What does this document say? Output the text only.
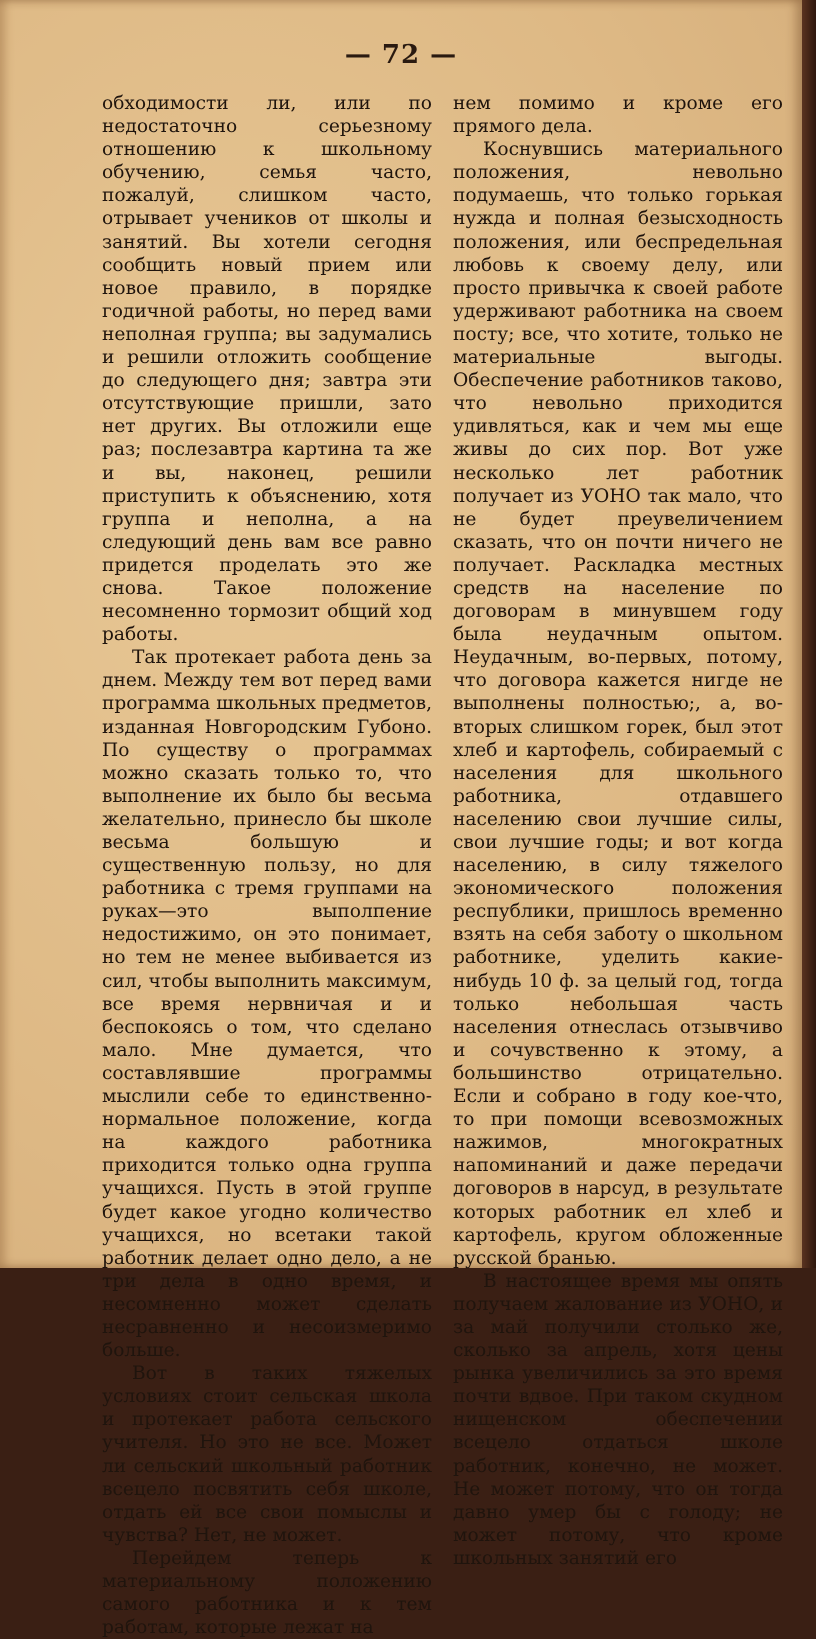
— 72 —

обходимости ли, или по недостаточно серьезному отношению к школьному обучению, семья часто, пожалуй, слишком часто, отрывает учеников от школы и занятий. Вы хотели сегодня сообщить новый прием или новое правило, в порядке годичной работы, но перед вами неполная группа; вы задумались и решили отложить сообщение до следующего дня; завтра эти отсутствующие пришли, зато нет других. Вы отложили еще раз; послезавтра картина та же и вы, наконец, решили приступить к объяснению, хотя группа и неполна, а на следующий день вам все равно придется проделать это же снова. Такое положение несомненно тормозит общий ход работы.

Так протекает работа день за днем. Между тем вот перед вами программа школьных предметов, изданная Новгородским Губоно. По существу о программах можно сказать только то, что выполнение их было бы весьма желательно, принесло бы школе весьма большую и существенную пользу, но для работника с тремя группами на руках—это выполпение недостижимо, он это понимает, но тем не менее выбивается из сил, чтобы выполнить максимум, все время нервничая и и беспокоясь о том, что сделано мало. Мне думается, что составлявшие программы мыслили себе то единственно-нормальное положение, когда на каждого работника приходится только одна группа учащихся. Пусть в этой группе будет какое угодно количество учащихся, но всетаки такой работник делает одно дело, а не три дела в одно время, и несомненно может сделать несравненно и несоизмеримо больше.

Вот в таких тяжелых условиях стоит сельская школа и протекает работа сельского учителя. Но это не все. Может ли сельский школьный работник всецело посвятить себя школе, отдать ей все свои помыслы и чувства? Нет, не может.

Перейдем теперь к материальному положению самого работника и к тем работам, которые лежат на

нем помимо и кроме его прямого дела.

Коснувшись материального положения, невольно подумаешь, что только горькая нужда и полная безысходность положения, или беспредельная любовь к своему делу, или просто привычка к своей работе удерживают работника на своем посту; все, что хотите, только не материальные выгоды. Обеспечение работников таково, что невольно приходится удивляться, как и чем мы еще живы до сих пор. Вот уже несколько лет работник получает из УОНО так мало, что не будет преувеличением сказать, что он почти ничего не получает. Раскладка местных средств на население по договорам в минувшем году была неудачным опытом. Неудачным, во-первых, потому, что договора кажется нигде не выполнены полностью;, а, во-вторых слишком горек, был этот хлеб и картофель, собираемый с населения для школьного работника, отдавшего населению свои лучшие силы, свои лучшие годы; и вот когда населению, в силу тяжелого экономического положения республики, пришлось временно взять на себя заботу о школьном работнике, уделить какие-нибудь 10 ф. за целый год, тогда только небольшая часть населения отнеслась отзывчиво и сочувственно к этому, а большинство отрицательно. Если и собрано в году кое-что, то при помощи всевозможных нажимов, многократных напоминаний и даже передачи договоров в нарсуд, в результате которых работник ел хлеб и картофель, кругом обложенные русской бранью.

В настоящее время мы опять получаем жалование из УОНО, и за май получили столько же, сколько за апрель, хотя цены рынка увеличились за это время почти вдвое. При таком скудном нищенском обеспечении всецело отдаться школе работник, конечно, не может. Не может потому, что он тогда давно умер бы с голоду; не может потому, что кроме школьных занятий его
